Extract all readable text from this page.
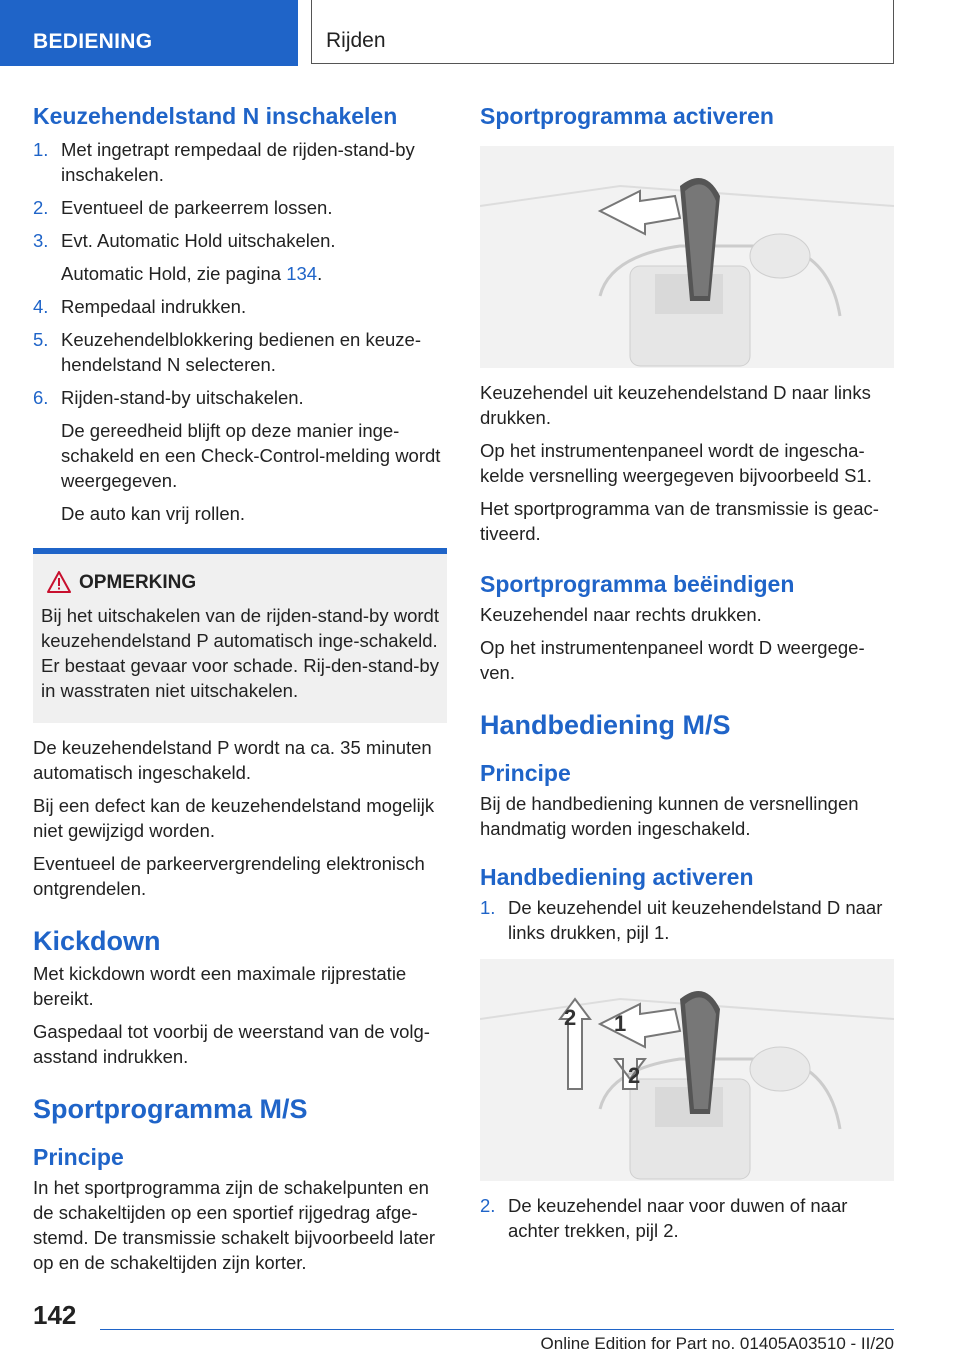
BEDIENING	Rijden
Keuzehendelstand N inschakelen
1. Met ingetrapt rempedaal de rijden-stand-by inschakelen.
2. Eventueel de parkeerrem lossen.
3. Evt. Automatic Hold uitschakelen.
Automatic Hold, zie pagina 134.
4. Rempedaal indrukken.
5. Keuzehendelblokkering bedienen en keuze-hendelstand N selecteren.
6. Rijden-stand-by uitschakelen.
De gereedheid blijft op deze manier inge-schakeld en een Check-Control-melding wordt weergegeven.
De auto kan vrij rollen.
OPMERKING
Bij het uitschakelen van de rijden-stand-by wordt keuzehendelstand P automatisch inge-schakeld. Er bestaat gevaar voor schade. Rij-den-stand-by in wasstraten niet uitschakelen.
De keuzehendelstand P wordt na ca. 35 minuten automatisch ingeschakeld.
Bij een defect kan de keuzehendelstand mogelijk niet gewijzigd worden.
Eventueel de parkeervergrendeling elektronisch ontgrendelen.
Kickdown
Met kickdown wordt een maximale rijprestatie bereikt.
Gaspedaal tot voorbij de weerstand van de volg-asstand indrukken.
Sportprogramma M/S
Principe
In het sportprogramma zijn de schakelpunten en de schakeltijden op een sportief rijgedrag afge-stemd. De transmissie schakelt bijvoorbeeld later op en de schakeltijden zijn korter.
Sportprogramma activeren
Keuzehendel uit keuzehendelstand D naar links drukken.
Op het instrumentenpaneel wordt de ingescha-kelde versnelling weergegeven bijvoorbeeld S1.
Het sportprogramma van de transmissie is geac-tiveerd.
Sportprogramma beëindigen
Keuzehendel naar rechts drukken.
Op het instrumentenpaneel wordt D weergege-ven.
Handbediening M/S
Principe
Bij de handbediening kunnen de versnellingen handmatig worden ingeschakeld.
Handbediening activeren
1. De keuzehendel uit keuzehendelstand D naar links drukken, pijl 1.
1
2
2
2. De keuzehendel naar voor duwen of naar achter trekken, pijl 2.
142
Online Edition for Part no. 01405A03510 - II/20
